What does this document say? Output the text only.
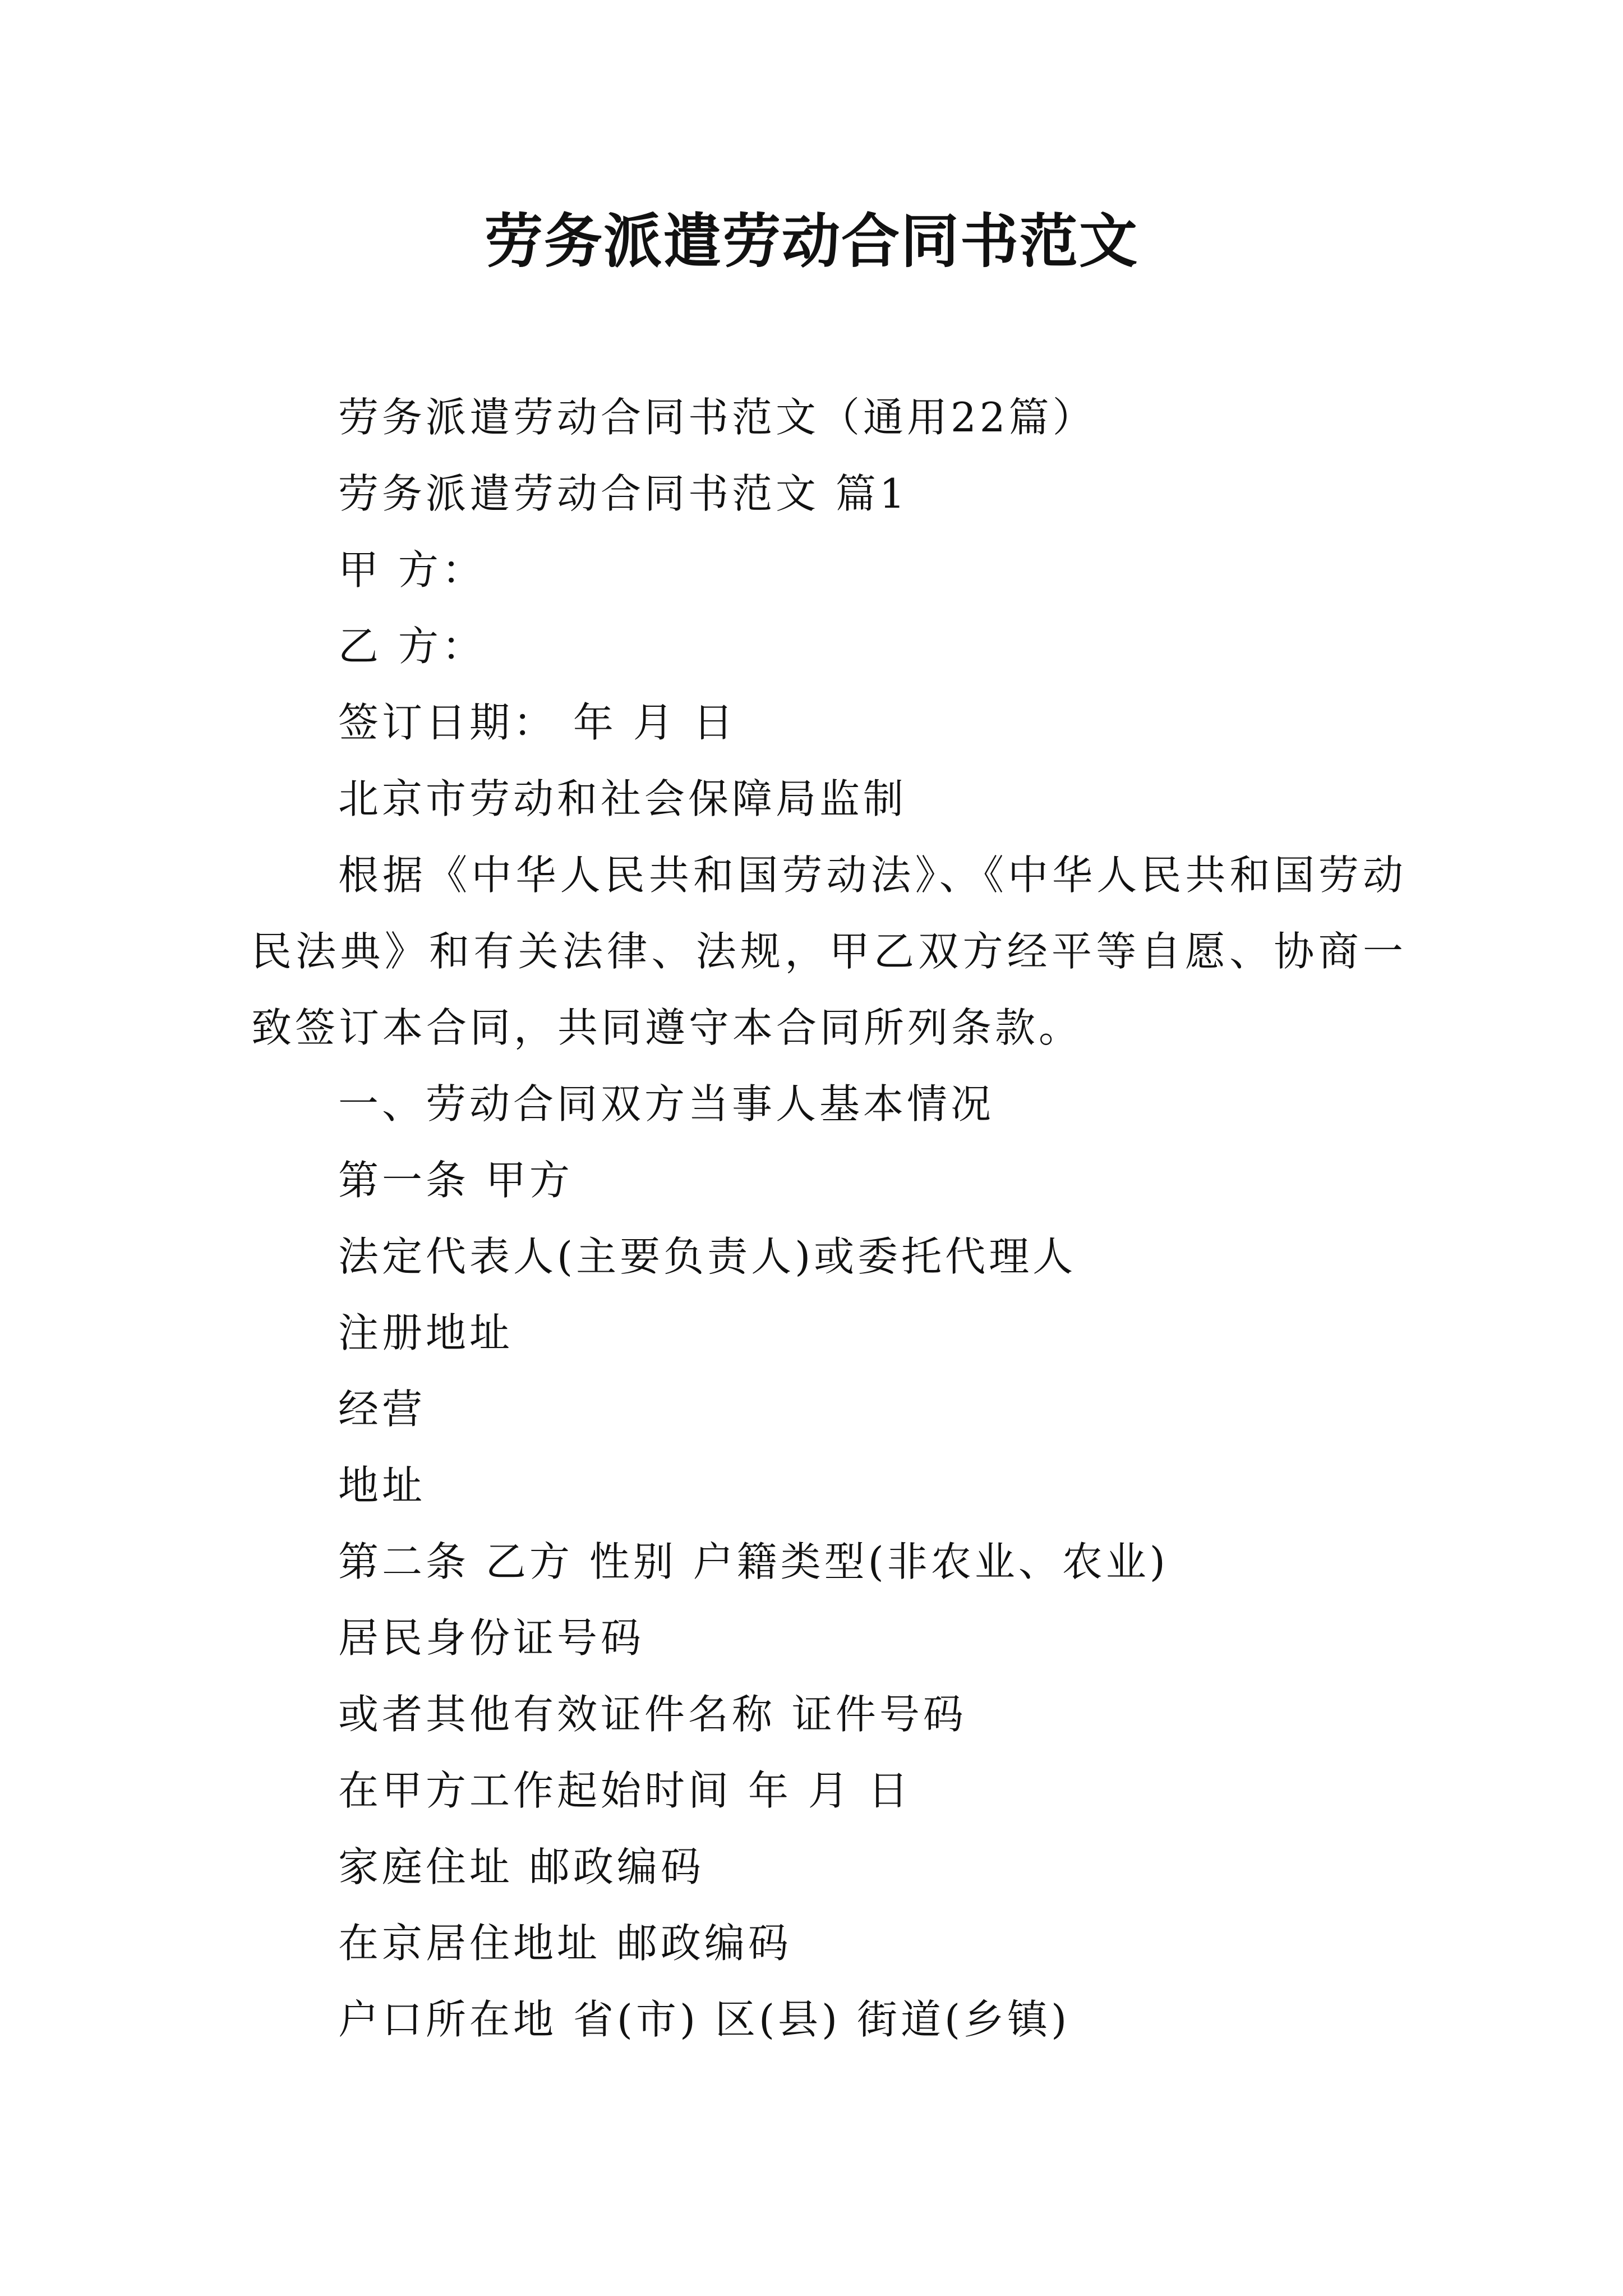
劳务派遣劳动合同书范文
劳务派遣劳动合同书范文（通用22篇）
劳务派遣劳动合同书范文 篇1
甲 方：
乙 方：
签订日期： 年 月 日
北京市劳动和社会保障局监制
根据《中华人民共和国劳动法》、《中华人民共和国劳动民法典》和有关法律、法规，甲乙双方经平等自愿、协商一致签订本合同，共同遵守本合同所列条款。
一、劳动合同双方当事人基本情况
第一条 甲方
法定代表人(主要负责人)或委托代理人
注册地址
经营
地址
第二条 乙方 性别 户籍类型(非农业、农业)
居民身份证号码
或者其他有效证件名称 证件号码
在甲方工作起始时间 年 月 日
家庭住址 邮政编码
在京居住地址 邮政编码
户口所在地 省(市) 区(县) 街道(乡镇)
